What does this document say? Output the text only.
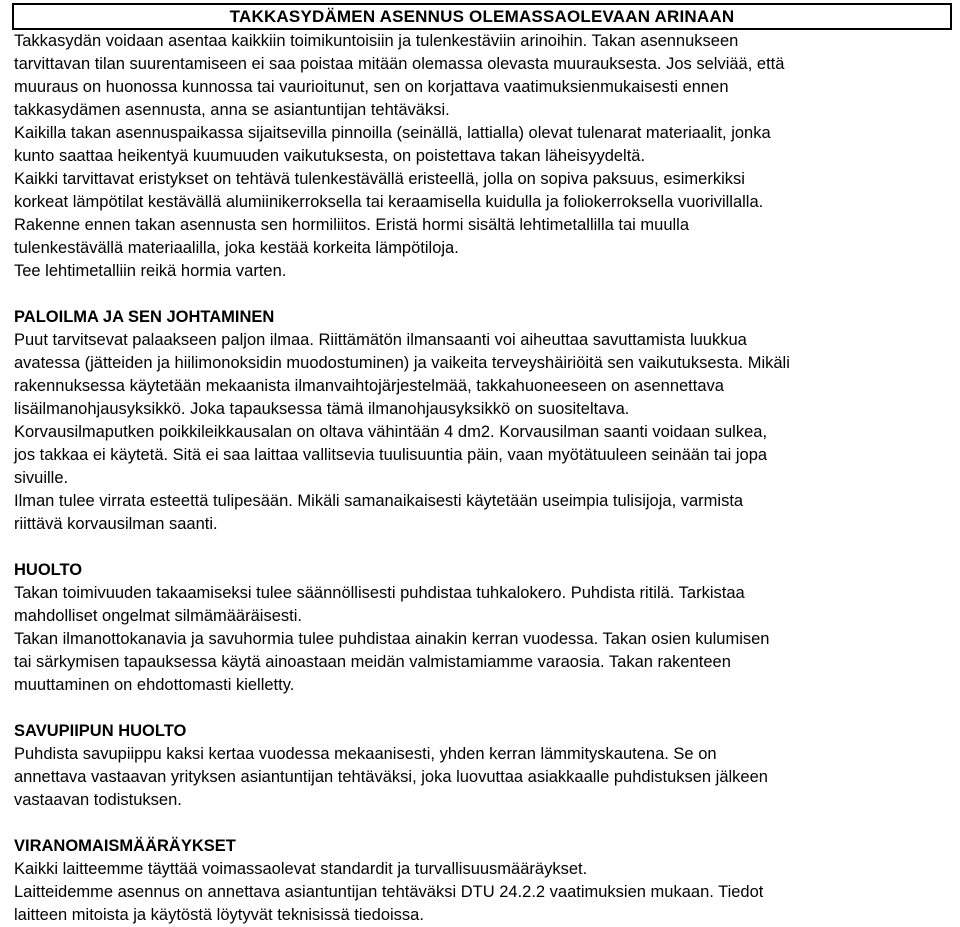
TAKKASYDÄMEN ASENNUS OLEMASSAOLEVAAN ARINAAN
Takkasydän voidaan asentaa kaikkiin toimikuntoisiin ja tulenkestäviin arinoihin. Takan asennukseen
tarvittavan tilan suurentamiseen ei saa poistaa mitään olemassa olevasta muurauksesta. Jos selviää, että
muuraus on huonossa kunnossa tai vaurioitunut, sen on korjattava vaatimuksienmukaisesti ennen
takkasydämen asennusta, anna se asiantuntijan tehtäväksi.
Kaikilla takan asennuspaikassa sijaitsevilla pinnoilla (seinällä, lattialla) olevat tulenarat materiaalit, jonka
kunto saattaa heikentyä kuumuuden vaikutuksesta, on poistettava takan läheisyydeltä.
Kaikki tarvittavat eristykset on tehtävä tulenkestävällä eristeellä, jolla on sopiva paksuus, esimerkiksi
korkeat lämpötilat kestävällä alumiinikerroksella tai keraamisella kuidulla ja foliokerroksella vuorivillalla.
Rakenne ennen takan asennusta sen hormiliitos. Eristä hormi sisältä lehtimetallilla tai muulla
tulenkestävällä materiaalilla, joka kestää korkeita lämpötiloja.
Tee lehtimetalliin reikä hormia varten.
PALOILMA JA SEN JOHTAMINEN
Puut tarvitsevat palaakseen paljon ilmaa. Riittämätön ilmansaanti voi aiheuttaa savuttamista luukkua
avatessa (jätteiden ja hiilimonoksidin muodostuminen) ja vaikeita terveyshäiriöitä sen vaikutuksesta. Mikäli
rakennuksessa käytetään mekaanista ilmanvaihtojärjestelmää, takkahuoneeseen on asennettava
lisäilmanohjausyksikkö. Joka tapauksessa tämä ilmanohjausyksikkö on suositeltava.
Korvausilmaputken poikkileikkausalan on oltava vähintään 4 dm2. Korvausilman saanti voidaan sulkea,
jos takkaa ei käytetä. Sitä ei saa laittaa vallitsevia tuulisuuntia päin, vaan myötätuuleen seinään tai jopa
sivuille.
Ilman tulee virrata esteettä tulipesään. Mikäli samanaikaisesti käytetään useimpia tulisijoja, varmista
riittävä korvausilman saanti.
HUOLTO
Takan toimivuuden takaamiseksi tulee säännöllisesti puhdistaa tuhkalokero. Puhdista ritilä. Tarkistaa
mahdolliset ongelmat silmämääräisesti.
Takan ilmanottokanavia ja savuhormia tulee puhdistaa ainakin kerran vuodessa. Takan osien kulumisen
tai särkymisen tapauksessa käytä ainoastaan meidän valmistamiamme varaosia. Takan rakenteen
muuttaminen on ehdottomasti kielletty.
SAVUPIIPUN HUOLTO
Puhdista savupiippu kaksi kertaa vuodessa mekaanisesti, yhden kerran lämmityskautena. Se on
annettava vastaavan yrityksen asiantuntijan tehtäväksi, joka luovuttaa asiakkaalle puhdistuksen jälkeen
vastaavan todistuksen.
VIRANOMAISMÄÄRÄYKSET
Kaikki laitteemme täyttää voimassaolevat standardit ja turvallisuusmääräykset.
Laitteidemme asennus on annettava asiantuntijan tehtäväksi DTU 24.2.2 vaatimuksien mukaan. Tiedot
laitteen mitoista ja käytöstä löytyvät teknisissä tiedoissa.
